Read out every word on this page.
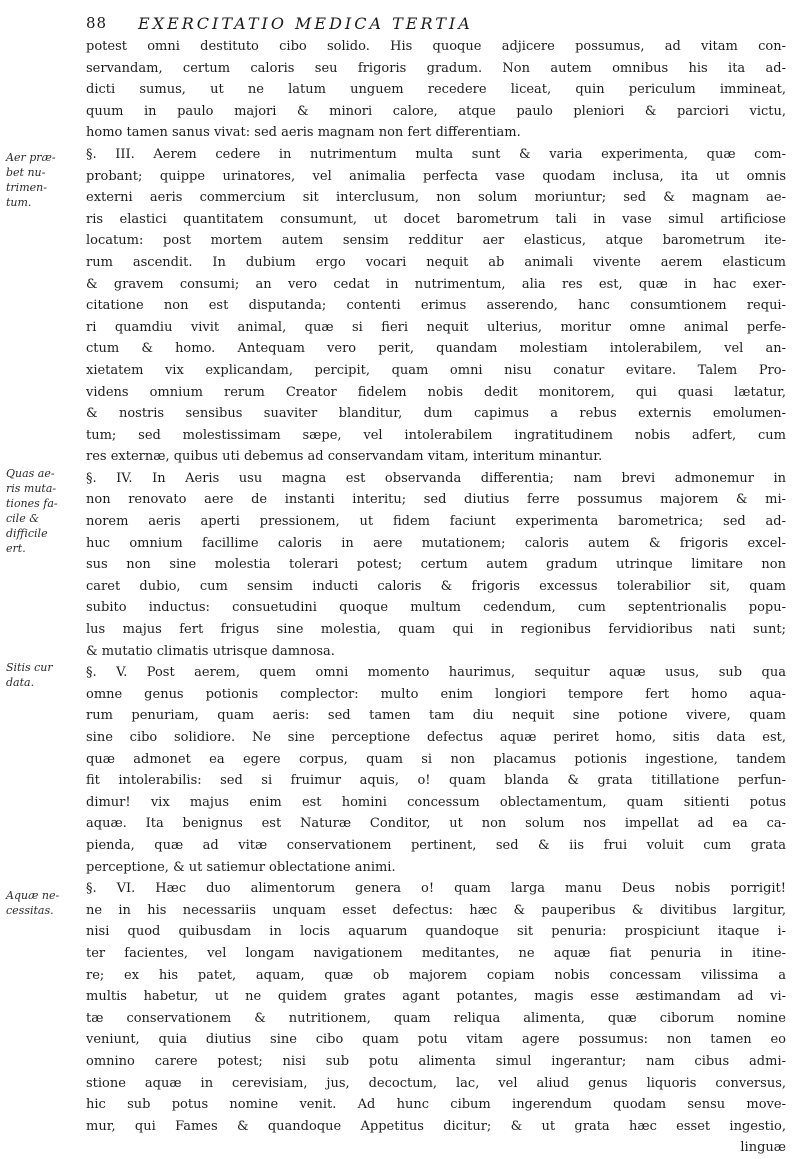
88 EXERCITATIO MEDICA TERTIA
Aer præ-
bet nu-
trimen-
tum.
Quas ae-
ris muta-
tiones fa-
cile &
difficile
ert.
Sitis cur
data.
Aquæ ne-
cessitas.
potest omni destituto cibo solido. His quoque adjicere possumus, ad vitam con-
servandam, certum caloris seu frigoris gradum. Non autem omnibus his ita ad-
dicti sumus, ut ne latum unguem recedere liceat, quin periculum immineat,
quum in paulo majori & minori calore, atque paulo pleniori & parciori victu,
homo tamen sanus vivat: sed aeris magnam non fert differentiam.
§. III. Aerem cedere in nutrimentum multa sunt & varia experimenta, quæ com-
probant; quippe urinatores, vel animalia perfecta vase quodam inclusa, ita ut omnis
externi aeris commercium sit interclusum, non solum moriuntur; sed & magnam ae-
ris elastici quantitatem consumunt, ut docet barometrum tali in vase simul artificiose
locatum: post mortem autem sensim redditur aer elasticus, atque barometrum ite-
rum ascendit. In dubium ergo vocari nequit ab animali vivente aerem elasticum
& gravem consumi; an vero cedat in nutrimentum, alia res est, quæ in hac exer-
citatione non est disputanda; contenti erimus asserendo, hanc consumtionem requi-
ri quamdiu vivit animal, quæ si fieri nequit ulterius, moritur omne animal perfe-
ctum & homo. Antequam vero perit, quandam molestiam intolerabilem, vel an-
xietatem vix explicandam, percipit, quam omni nisu conatur evitare. Talem Pro-
videns omnium rerum Creator fidelem nobis dedit monitorem, qui quasi lætatur,
& nostris sensibus suaviter blanditur, dum capimus a rebus externis emolumen-
tum; sed molestissimam sæpe, vel intolerabilem ingratitudinem nobis adfert, cum
res externæ, quibus uti debemus ad conservandam vitam, interitum minantur.
§. IV. In Aeris usu magna est observanda differentia; nam brevi admonemur in
non renovato aere de instanti interitu; sed diutius ferre possumus majorem & mi-
norem aeris aperti pressionem, ut fidem faciunt experimenta barometrica; sed ad-
huc omnium facillime caloris in aere mutationem; caloris autem & frigoris excel-
sus non sine molestia tolerari potest; certum autem gradum utrinque limitare non
caret dubio, cum sensim inducti caloris & frigoris excessus tolerabilior sit, quam
subito inductus: consuetudini quoque multum cedendum, cum septentrionalis popu-
lus majus fert frigus sine molestia, quam qui in regionibus fervidioribus nati sunt;
& mutatio climatis utrisque damnosa.
§. V. Post aerem, quem omni momento haurimus, sequitur aquæ usus, sub qua
omne genus potionis complector: multo enim longiori tempore fert homo aqua-
rum penuriam, quam aeris: sed tamen tam diu nequit sine potione vivere, quam
sine cibo solidiore. Ne sine perceptione defectus aquæ periret homo, sitis data est,
quæ admonet ea egere corpus, quam si non placamus potionis ingestione, tandem
fit intolerabilis: sed si fruimur aquis, o! quam blanda & grata titillatione perfun-
dimur! vix majus enim est homini concessum oblectamentum, quam sitienti potus
aquæ. Ita benignus est Naturæ Conditor, ut non solum nos impellat ad ea ca-
pienda, quæ ad vitæ conservationem pertinent, sed & iis frui voluit cum grata
perceptione, & ut satiemur oblectatione animi.
§. VI. Hæc duo alimentorum genera o! quam larga manu Deus nobis porrigit!
ne in his necessariis unquam esset defectus: hæc & pauperibus & divitibus largitur,
nisi quod quibusdam in locis aquarum quandoque sit penuria: prospiciunt itaque i-
ter facientes, vel longam navigationem meditantes, ne aquæ fiat penuria in itine-
re; ex his patet, aquam, quæ ob majorem copiam nobis concessam vilissima a
multis habetur, ut ne quidem grates agant potantes, magis esse æstimandam ad vi-
tæ conservationem & nutritionem, quam reliqua alimenta, quæ ciborum nomine
veniunt, quia diutius sine cibo quam potu vitam agere possumus: non tamen eo
omnino carere potest; nisi sub potu alimenta simul ingerantur; nam cibus admi-
stione aquæ in cerevisiam, jus, decoctum, lac, vel aliud genus liquoris conversus,
hic sub potus nomine venit. Ad hunc cibum ingerendum quodam sensu move-
mur, qui Fames & quandoque Appetitus dicitur; & ut grata hæc esset ingestio,
linguæ
